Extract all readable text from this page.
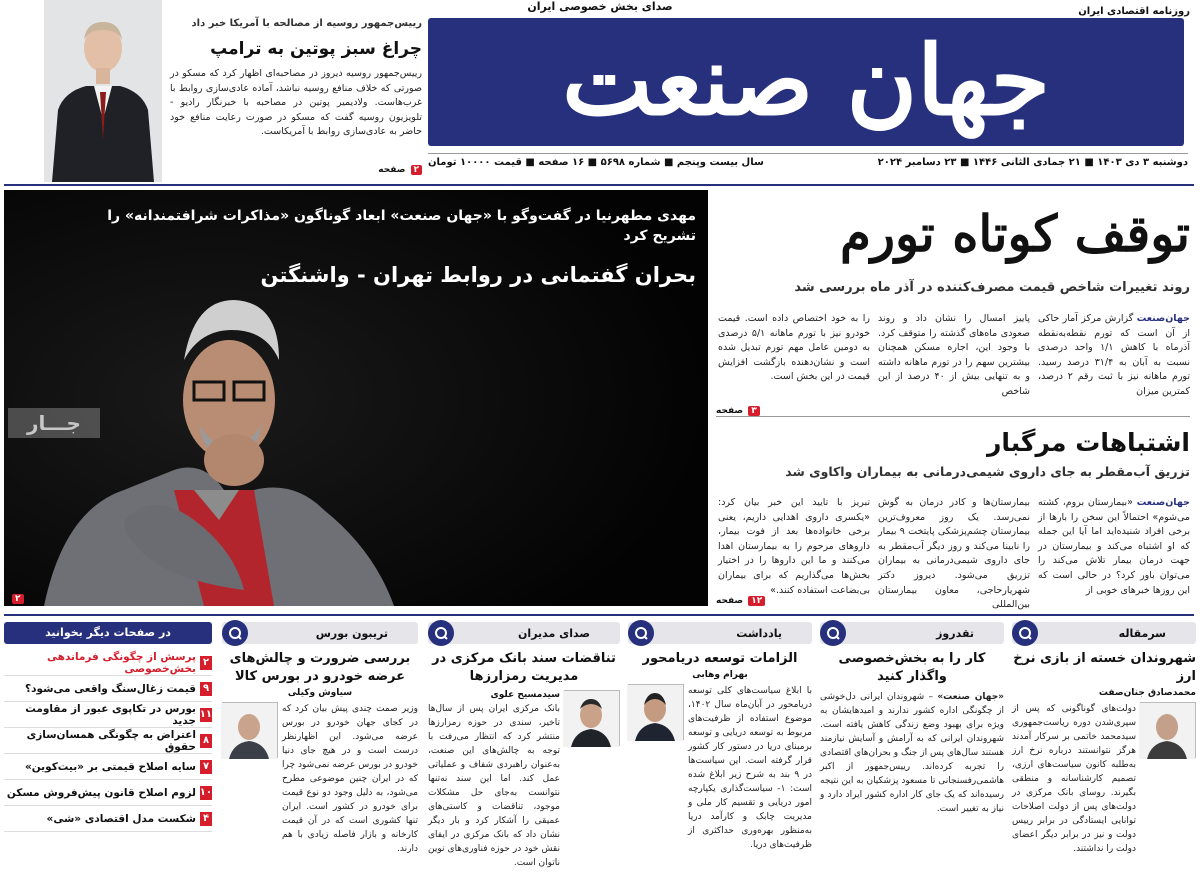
صدای بخش خصوصی ایران	روزنامه اقتصادی ایران
جهان صنعت
دوشنبه ۳ دی ۱۴۰۳ ■ ۲۱ جمادی الثانی ۱۴۴۶ ■ ۲۳ دسامبر ۲۰۲۴
سال بیست وپنجم ■ شماره ۵۶۹۸ ■ ۱۶ صفحه ■ قیمت ۱۰۰۰۰ تومان
رییس‌جمهور روسیه از مصالحه با آمریکا خبر داد
چراغ سبز پوتین به ترامپ
رییس‌جمهور روسیه دیروز در مصاحبه‌ای اظهار کرد که مسکو در صورتی که خلاف منافع روسیه نباشد، آماده عادی‌سازی روابط با غرب‌هاست. ولادیمیر پوتین در مصاحبه با خبرنگار رادیو - تلویزیون روسیه گفت که مسکو در صورت رعایت منافع خود حاضر به عادی‌سازی روابط با آمریکاست.
۲ صفحه
جـــار
۲
مهدی مطهرنیا در گفت‌وگو با «جهان صنعت» ابعاد گوناگون «مذاکرات شرافتمندانه» را تشریح کرد
بحران گفتمانی در روابط تهران - واشنگتن
توقف کوتاه تورم
روند تغییرات شاخص قیمت مصرف‌کننده در آذر ماه بررسی شد
جهان‌صنعت گزارش مرکز آمار حاکی از آن است که تورم نقطه‌به‌نقطه آذرماه با کاهش ۱/۱ واحد درصدی نسبت به آبان به ۳۱/۴ درصد رسید. تورم ماهانه نیز با ثبت رقم ۲ درصد، کمترین میزان
پاییز امسال را نشان داد و روند صعودی ماه‌های گذشته را متوقف کرد. با وجود این، اجاره مسکن همچنان بیشترین سهم را در تورم ماهانه داشته و به تنهایی بیش از ۴۰ درصد از این شاخص
را به خود اختصاص داده است. قیمت خودرو نیز با تورم ماهانه ۵/۱ درصدی به دومین عامل مهم تورم تبدیل شده است و نشان‌دهنده بازگشت افزایش قیمت در این بخش است.
۳ صفحه
اشتباهات مرگبار
تزریق آب‌مقطر به جای داروی شیمی‌درمانی به بیماران واکاوی شد
جهان‌صنعت «بیمارستان بروم، کشته می‌شوم» احتمالاً این سخن را بارها از برخی افراد شنیده‌اید اما آیا این جمله که او اشتباه می‌کند و بیمارستان در جهت درمان بیمار تلاش می‌کند را می‌توان باور کرد؟ در حالی است که این روزها خبرهای خوبی از
بیمارستان‌ها و کادر درمان به گوش نمی‌رسد. یک روز معروف‌ترین بیمارستان چشم‌پزشکی پایتخت ۹ بیمار را نابینا می‌کند و روز دیگر آب‌مقطر به جای داروی شیمی‌درمانی به بیماران تزریق می‌شود. دیروز دکتر شهریارحاجی، معاون بیمارستان بین‌المللی
تبریز با تایید این خبر بیان کرد: «یکسری داروی اهدایی داریم، یعنی برخی خانواده‌ها بعد از فوت بیمار، داروهای مرحوم را به بیمارستان اهدا می‌کنند و ما این داروها را در اختیار بخش‌ها می‌گذاریم که برای بیماران بی‌بضاعت استفاده کنند.»
۱۲ صفحه
سرمقاله
شهروندان خسته از بازی نرخ ارز
محمدصادق جنان‌صفت
دولت‌های گوناگونی که پس از سپری‌شدن دوره ریاست‌جمهوری سیدمحمد خاتمی بر سرکار آمدند هرگز نتوانستند درباره نرخ ارز به‌طلبه کانون سیاست‌های ارزی، تصمیم کارشناسانه و منطقی بگیرند. روسای بانک مرکزی در دولت‌های پس از دولت اصلاحات توانایی ایستادگی در برابر رییس دولت و نیز در برابر دیگر اعضای دولت را نداشتند.
تقدروز
کار را به بخش‌خصوصی واگذار کنید
«جهان صنعت» – شهروندان ایرانی دل‌خوشی از چگونگی اداره کشور ندارند و امیدهایشان به ویژه برای بهبود وضع زندگی کاهش یافته است. شهروندان ایرانی که به آرامش و آسایش نیازمند هستند سال‌های پس از جنگ و بحران‌های اقتصادی را تجربه کرده‌اند. رییس‌جمهور از اکبر هاشمی‌رفسنجانی تا مسعود پزشکیان به این نتیجه رسیده‌اند که یک جای کار اداره کشور ایراد دارد و نیاز به تغییر است.
یادداشت
الزامات توسعه دریامحور
بهرام وهابی
با ابلاغ سیاست‌های کلی توسعه دریامحور در آبان‌ماه سال ۱۴۰۲، موضوع استفاده از ظرفیت‌های مربوط به توسعه دریایی و توسعه برمبنای دریا در دستور کار کشور قرار گرفته است. این سیاست‌ها در ۹ بند به شرح زیر ابلاغ شده است: ۱- سیاست‌گذاری یکپارچه امور دریایی و تقسیم کار ملی و مدیریت چابک و کارآمد دریا به‌منظور بهره‌وری حداکثری از ظرفیت‌های دریا.
صدای مدیران
تناقضات سند بانک مرکزی در مدیریت رمزارزها
سیدمسیح علوی
بانک مرکزی ایران پس از سال‌ها تاخیر، سندی در حوزه رمزارزها منتشر کرد که انتظار می‌رفت با توجه به چالش‌های این صنعت، به‌عنوان راهبردی شفاف و عملیاتی عمل کند. اما این سند نه‌تنها نتوانست به‌جای حل مشکلات موجود، تناقضات و کاستی‌های عمیقی را آشکار کرد و بار دیگر نشان داد که بانک مرکزی در ایفای نقش خود در حوزه فناوری‌های نوین ناتوان است.
تریبون بورس
بررسی ضرورت و چالش‌های عرضه خودرو در بورس کالا
سیاوش وکیلی
وزیر صمت چندی پیش بیان کرد که در کجای جهان خودرو در بورس عرضه می‌شود. این اظهارنظر درست است و در هیچ جای دنیا خودرو در بورس عرضه نمی‌شود چرا که در ایران چنین موضوعی مطرح می‌شود، به دلیل وجود دو نوع قیمت برای خودرو در کشور است. ایران تنها کشوری است که در آن قیمت کارخانه و بازار فاصله زیادی با هم دارند.
در صفحات دیگر بخوانید
۲
پرسش از چگونگی فرماندهی بخش‌خصوصی
۹
قیمت زغال‌سنگ واقعی می‌شود؟
۱۱
بورس در تکاپوی عبور از مقاومت جدید
۸
اعتراض به چگونگی همسان‌سازی حقوق
۷
سایه اصلاح قیمتی بر «بیت‌کوین»
۱۰
لزوم اصلاح قانون پیش‌فروش مسکن
۴
شکست مدل اقتصادی «شی»
